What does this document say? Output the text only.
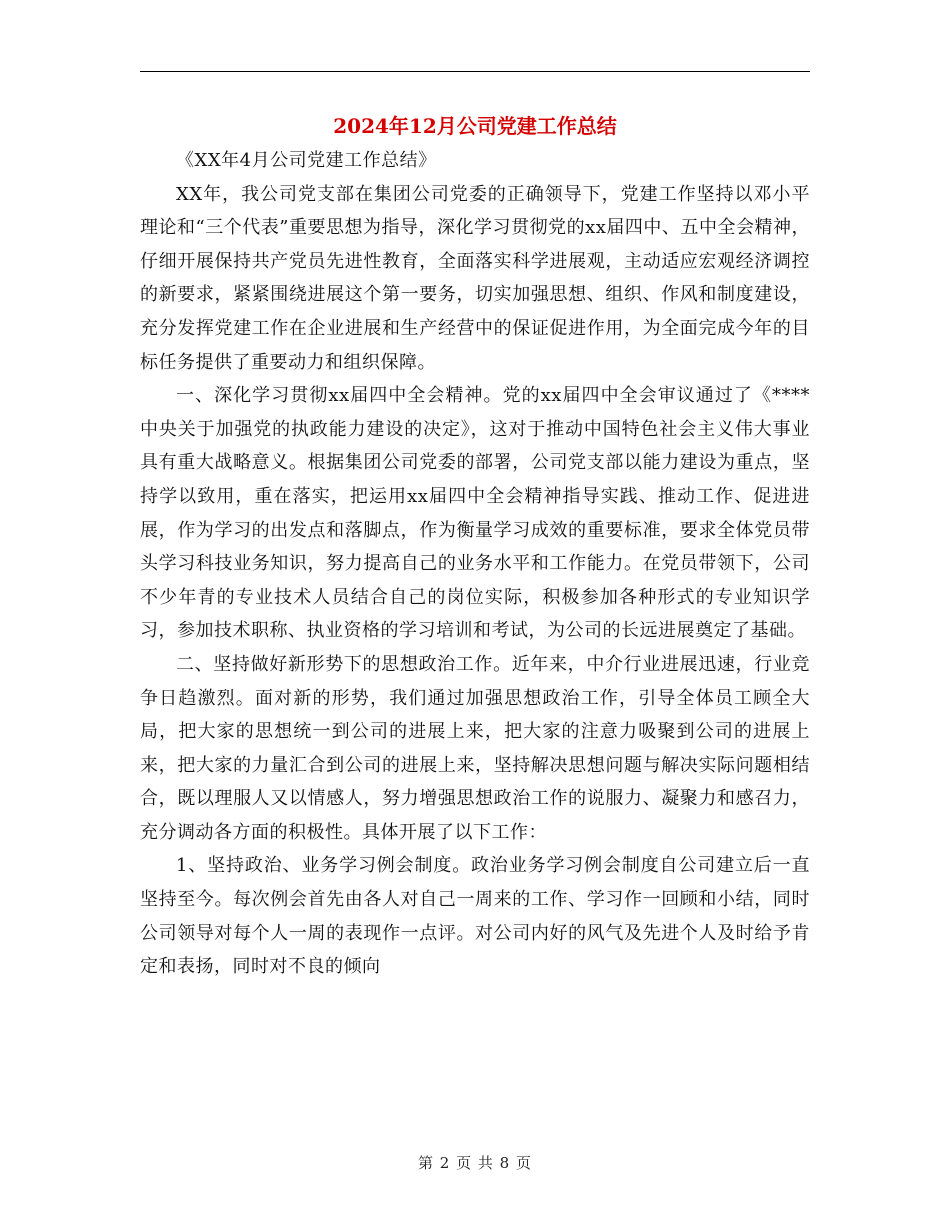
2024年12月公司党建工作总结

《XX年4月公司党建工作总结》

XX年，我公司党支部在集团公司党委的正确领导下，党建工作坚持以邓小平理论和“三个代表”重要思想为指导，深化学习贯彻党的xx届四中、五中全会精神，仔细开展保持共产党员先进性教育，全面落实科学进展观，主动适应宏观经济调控的新要求，紧紧围绕进展这个第一要务，切实加强思想、组织、作风和制度建设，充分发挥党建工作在企业进展和生产经营中的保证促进作用，为全面完成今年的目标任务提供了重要动力和组织保障。

一、深化学习贯彻xx届四中全会精神。党的xx届四中全会审议通过了《****中央关于加强党的执政能力建设的决定》，这对于推动中国特色社会主义伟大事业具有重大战略意义。根据集团公司党委的部署，公司党支部以能力建设为重点，坚持学以致用，重在落实，把运用xx届四中全会精神指导实践、推动工作、促进进展，作为学习的出发点和落脚点，作为衡量学习成效的重要标准，要求全体党员带头学习科技业务知识，努力提高自己的业务水平和工作能力。在党员带领下，公司不少年青的专业技术人员结合自己的岗位实际，积极参加各种形式的专业知识学习，参加技术职称、执业资格的学习培训和考试，为公司的长远进展奠定了基础。

二、坚持做好新形势下的思想政治工作。近年来，中介行业进展迅速，行业竞争日趋激烈。面对新的形势，我们通过加强思想政治工作，引导全体员工顾全大局，把大家的思想统一到公司的进展上来，把大家的注意力吸聚到公司的进展上来，把大家的力量汇合到公司的进展上来，坚持解决思想问题与解决实际问题相结合，既以理服人又以情感人，努力增强思想政治工作的说服力、凝聚力和感召力，充分调动各方面的积极性。具体开展了以下工作：

1、坚持政治、业务学习例会制度。政治业务学习例会制度自公司建立后一直坚持至今。每次例会首先由各人对自己一周来的工作、学习作一回顾和小结，同时公司领导对每个人一周的表现作一点评。对公司内好的风气及先进个人及时给予肯定和表扬，同时对不良的倾向

第 2 页 共 8 页
